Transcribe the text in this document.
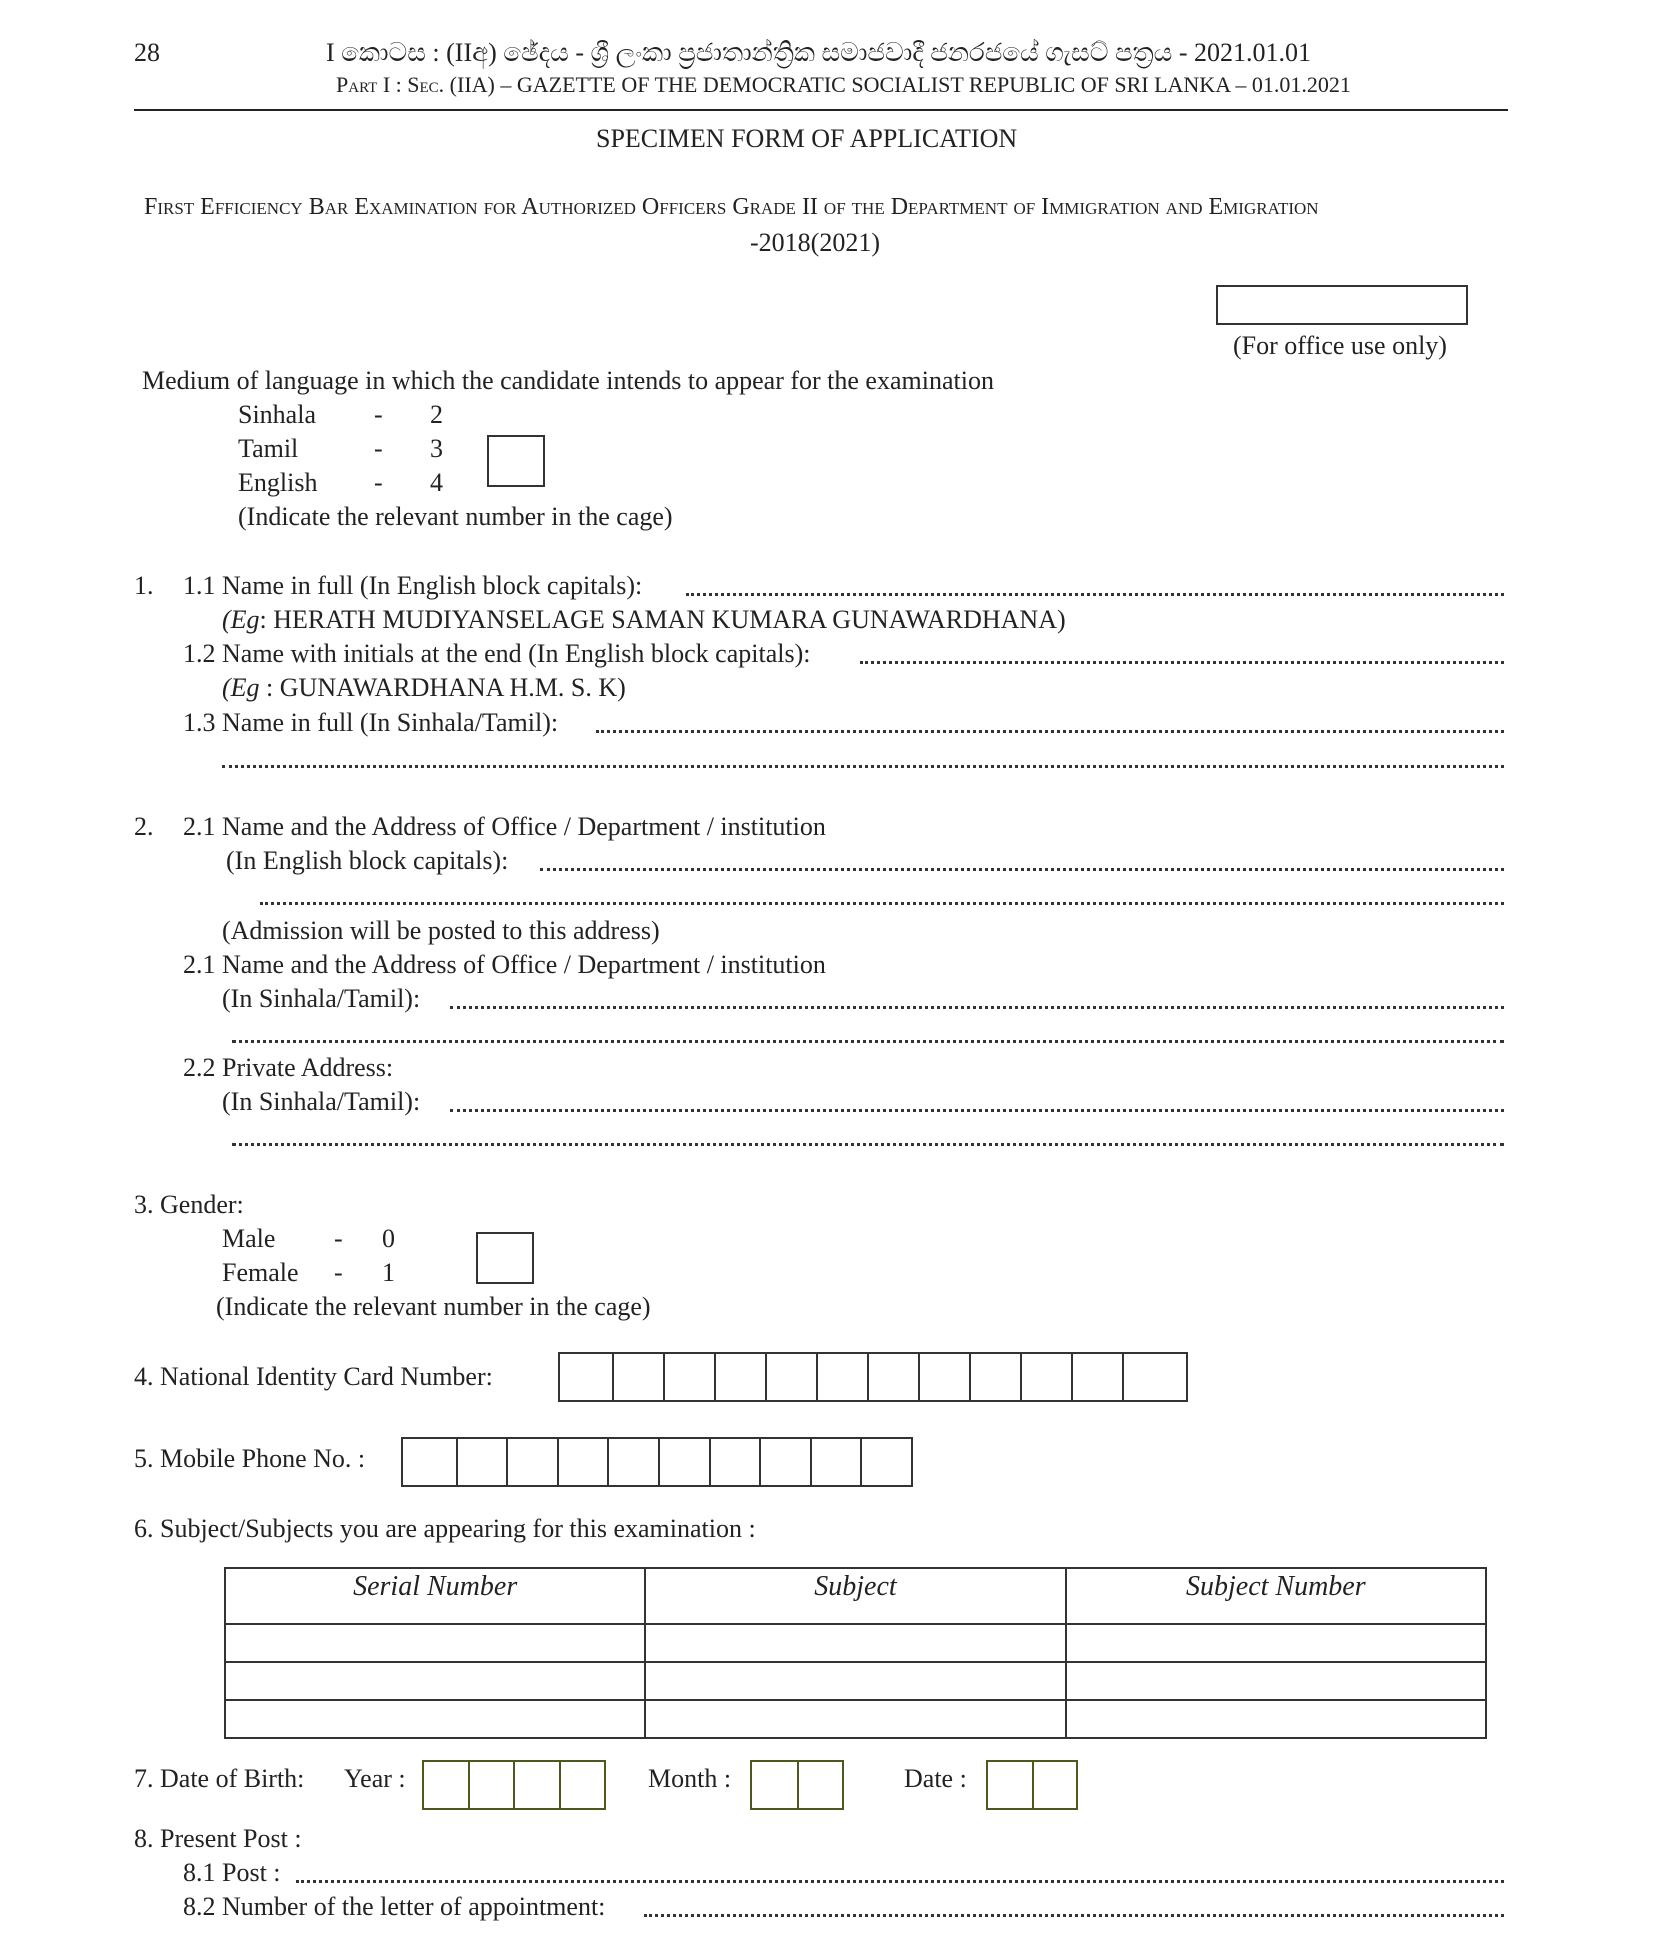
28	I කොටස : (IIඅ) ඡේදය - ශ්‍රී ලංකා ප්‍රජාතාන්ත්‍රික සමාජවාදී ජනරජයේ ගැසට් පත්‍රය - 2021.01.01
Part I : Sec. (IIA) – GAZETTE OF THE DEMOCRATIC SOCIALIST REPUBLIC OF SRI LANKA – 01.01.2021
SPECIMEN FORM OF APPLICATION
First Efficiency Bar Examination for Authorized Officers Grade II of the Department of Immigration and Emigration
-2018(2021)
(For office use only)
Medium of language in which the candidate intends to appear for the examination
Sinhala - 2
Tamil	- 3
English - 4
(Indicate the relevant number in the cage)
1. 1.1 Name in full (In English block capitals):
(Eg: HERATH MUDIYANSELAGE SAMAN KUMARA GUNAWARDHANA)
1.2 Name with initials at the end (In English block capitals):
(Eg : GUNAWARDHANA H.M. S. K)
1.3 Name in full (In Sinhala/Tamil):
2. 2.1 Name and the Address of Office / Department / institution
(In English block capitals):
(Admission will be posted to this address)
2.1 Name and the Address of Office / Department / institution
(In Sinhala/Tamil):
2.2 Private Address:
(In Sinhala/Tamil):
3. Gender:
Male - 0
Female - 1
(Indicate the relevant number in the cage)
4. National Identity Card Number:
5. Mobile Phone No. :
6. Subject/Subjects you are appearing for this examination :
Serial Number	Subject	Subject Number

7. Date of Birth: Year :	Month :	Date :
8. Present Post :
8.1 Post :
8.2 Number of the letter of appointment:
